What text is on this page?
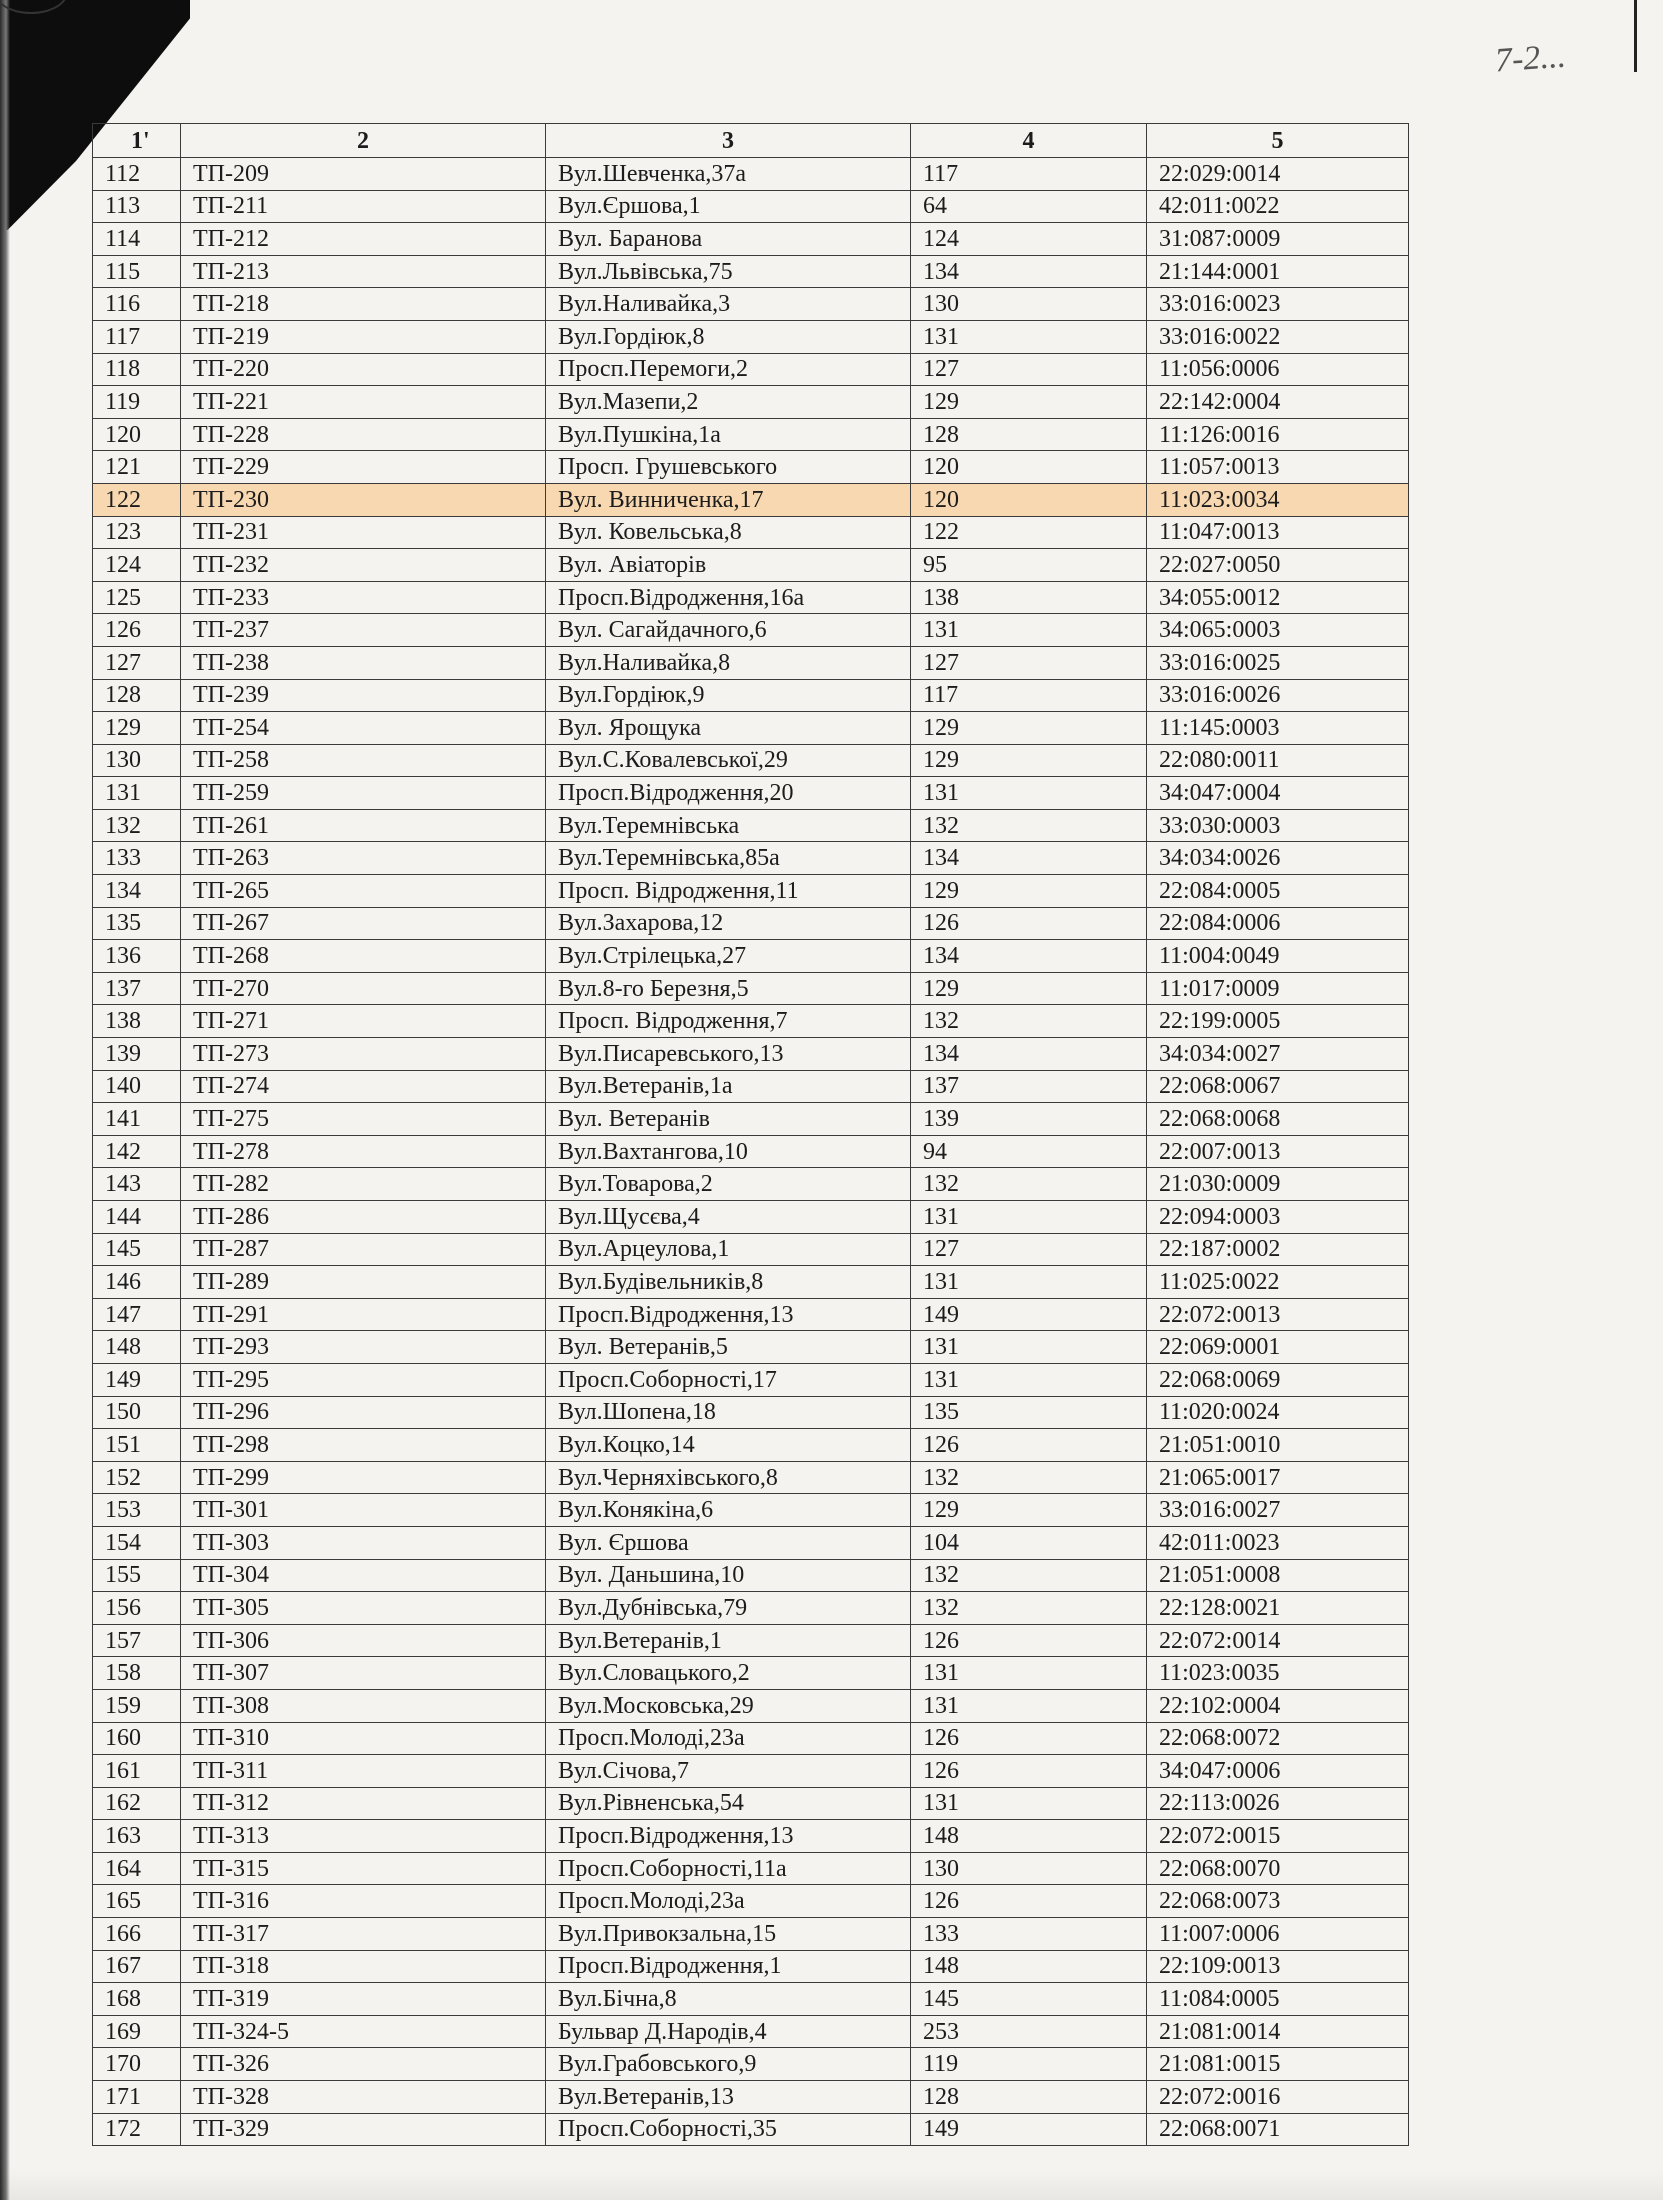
7-2...
1'	2	3	4	5
112	ТП-209	Вул.Шевченка,37а	117	22:029:0014
113	ТП-211	Вул.Єршова,1	64	42:011:0022
114	ТП-212	Вул. Баранова	124	31:087:0009
115	ТП-213	Вул.Львівська,75	134	21:144:0001
116	ТП-218	Вул.Наливайка,3	130	33:016:0023
117	ТП-219	Вул.Гордіюк,8	131	33:016:0022
118	ТП-220	Просп.Перемоги,2	127	11:056:0006
119	ТП-221	Вул.Мазепи,2	129	22:142:0004
120	ТП-228	Вул.Пушкіна,1а	128	11:126:0016
121	ТП-229	Просп. Грушевського	120	11:057:0013
122	ТП-230	Вул. Винниченка,17	120	11:023:0034
123	ТП-231	Вул. Ковельська,8	122	11:047:0013
124	ТП-232	Вул. Авіаторів	95	22:027:0050
125	ТП-233	Просп.Відродження,16а	138	34:055:0012
126	ТП-237	Вул. Сагайдачного,6	131	34:065:0003
127	ТП-238	Вул.Наливайка,8	127	33:016:0025
128	ТП-239	Вул.Гордіюк,9	117	33:016:0026
129	ТП-254	Вул. Ярощука	129	11:145:0003
130	ТП-258	Вул.С.Ковалевської,29	129	22:080:0011
131	ТП-259	Просп.Відродження,20	131	34:047:0004
132	ТП-261	Вул.Теремнівська	132	33:030:0003
133	ТП-263	Вул.Теремнівська,85а	134	34:034:0026
134	ТП-265	Просп. Відродження,11	129	22:084:0005
135	ТП-267	Вул.Захарова,12	126	22:084:0006
136	ТП-268	Вул.Стрілецька,27	134	11:004:0049
137	ТП-270	Вул.8-го Березня,5	129	11:017:0009
138	ТП-271	Просп. Відродження,7	132	22:199:0005
139	ТП-273	Вул.Писаревського,13	134	34:034:0027
140	ТП-274	Вул.Ветеранів,1а	137	22:068:0067
141	ТП-275	Вул. Ветеранів	139	22:068:0068
142	ТП-278	Вул.Вахтангова,10	94	22:007:0013
143	ТП-282	Вул.Товарова,2	132	21:030:0009
144	ТП-286	Вул.Щусєва,4	131	22:094:0003
145	ТП-287	Вул.Арцеулова,1	127	22:187:0002
146	ТП-289	Вул.Будівельників,8	131	11:025:0022
147	ТП-291	Просп.Відродження,13	149	22:072:0013
148	ТП-293	Вул. Ветеранів,5	131	22:069:0001
149	ТП-295	Просп.Соборності,17	131	22:068:0069
150	ТП-296	Вул.Шопена,18	135	11:020:0024
151	ТП-298	Вул.Коцко,14	126	21:051:0010
152	ТП-299	Вул.Черняхівського,8	132	21:065:0017
153	ТП-301	Вул.Конякіна,6	129	33:016:0027
154	ТП-303	Вул. Єршова	104	42:011:0023
155	ТП-304	Вул. Даньшина,10	132	21:051:0008
156	ТП-305	Вул.Дубнівська,79	132	22:128:0021
157	ТП-306	Вул.Ветеранів,1	126	22:072:0014
158	ТП-307	Вул.Словацького,2	131	11:023:0035
159	ТП-308	Вул.Московська,29	131	22:102:0004
160	ТП-310	Просп.Молоді,23а	126	22:068:0072
161	ТП-311	Вул.Січова,7	126	34:047:0006
162	ТП-312	Вул.Рівненська,54	131	22:113:0026
163	ТП-313	Просп.Відродження,13	148	22:072:0015
164	ТП-315	Просп.Соборності,11а	130	22:068:0070
165	ТП-316	Просп.Молоді,23а	126	22:068:0073
166	ТП-317	Вул.Привокзальна,15	133	11:007:0006
167	ТП-318	Просп.Відродження,1	148	22:109:0013
168	ТП-319	Вул.Бічна,8	145	11:084:0005
169	ТП-324-5	Бульвар Д.Народів,4	253	21:081:0014
170	ТП-326	Вул.Грабовського,9	119	21:081:0015
171	ТП-328	Вул.Ветеранів,13	128	22:072:0016
172	ТП-329	Просп.Соборності,35	149	22:068:0071
